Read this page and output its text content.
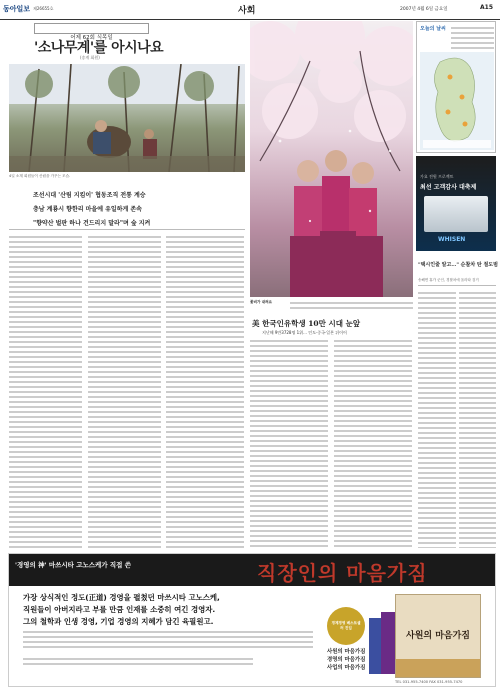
동아일보 제26655호	사회	2007년 4월 6일 금요일	A15
어제 62회 식목일
'소나무계'를 아시나요
(송계 회원)
4일 소계 회원들이 산림을 가꾸는 모습.
조선시대 '산림 지킴이' 협동조직 전통 계승
충남 계룡시 향한리 마을에 유일하게 존속
"향약산 벌판 하나 건드리지 말라"며 숲 지켜
꽃비가 내려요
오늘의 날씨
가요 전원 프로젝트
최선 고객감사 대축제
WHISEN
"택시인줄 알고…" 순찰차 탄 절도범
송해면 휴가 군인, 경찰차에 올라타 검거
美 한국인유학생 10만 시대 눈앞
지난해 9만3728명 1위… 인도·중국·일본 뒤이어
'경영의 神' 마쓰시타 고노스케가 직접 쓴	직장인의 마음가짐
가장 상식적인 정도(正道) 경영을 펼쳤던 마쓰시타 고노스케,
직원들이 아버지라고 부를 만큼 인재를 소중히 여긴 경영자.
그의 철학과 인생 경영, 기업 경영의 지혜가 담긴 육필원고.	경제경영 베스트셀러 진입
사원의 마음가짐
경영의 마음가짐
사업의 마음가짐
사원의 마음가짐
TEL 031-955-7400 FAX 031-955-7470
